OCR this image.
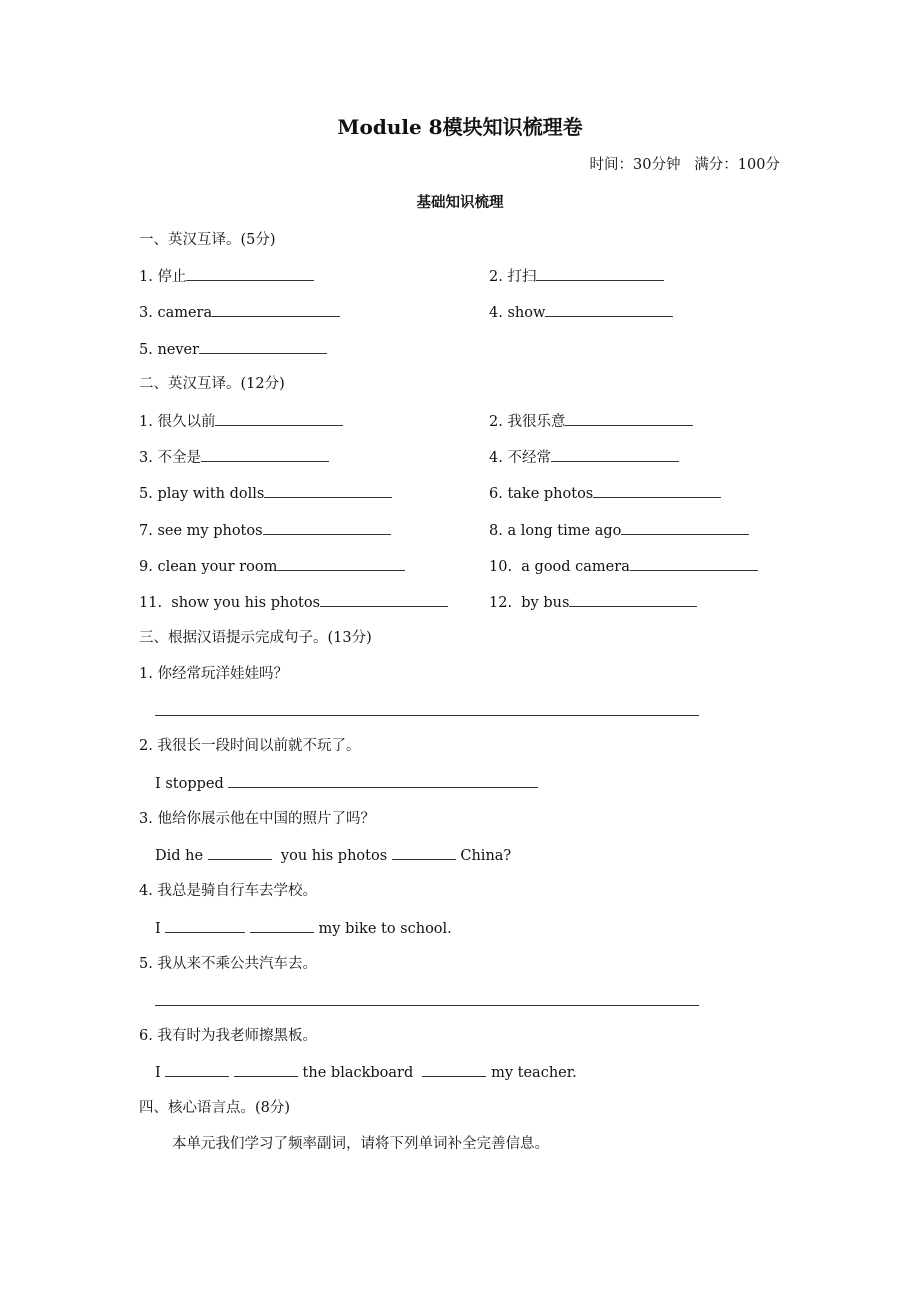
Module 8模块知识梳理卷
时间：30分钟   满分：100分
基础知识梳理
一、英汉互译。(5分)
1. 停止	2. 打扫
3. camera	4. show
5. never
二、英汉互译。(12分)
1. 很久以前	2. 我很乐意
3. 不全是	4. 不经常
5. play with dolls	6. take photos
7. see my photos	8. a long time ago
9. clean your room	10.  a good camera
11.  show you his photos	12.  by bus
三、根据汉语提示完成句子。(13分)
1. 你经常玩洋娃娃吗？
2. 我很长一段时间以前就不玩了。
I stopped
3. 他给你展示他在中国的照片了吗？
Did he	you his photos	China?
4. 我总是骑自行车去学校。
I	my bike to school.
5. 我从来不乘公共汽车去。
6. 我有时为我老师擦黑板。
I	the blackboard	my teacher.
四、核心语言点。(8分)
本单元我们学习了频率副词，请将下列单词补全完善信息。
